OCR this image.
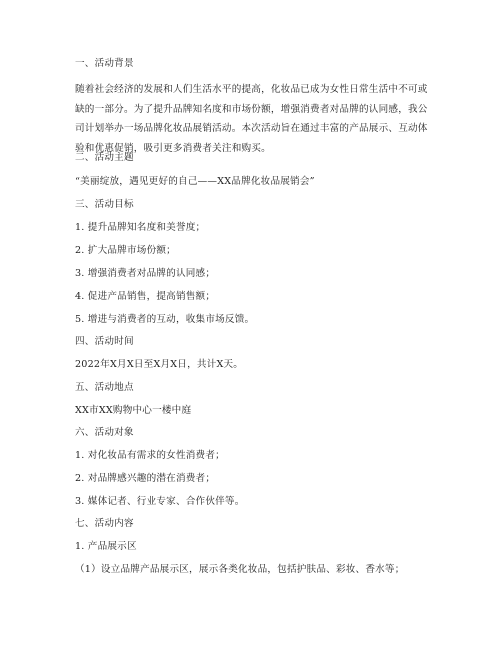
一、活动背景
随着社会经济的发展和人们生活水平的提高，化妆品已成为女性日常生活中不可或缺的一部分。为了提升品牌知名度和市场份额，增强消费者对品牌的认同感，我公司计划举办一场品牌化妆品展销活动。本次活动旨在通过丰富的产品展示、互动体验和优惠促销，吸引更多消费者关注和购买。
二、活动主题
“美丽绽放，遇见更好的自己——XX品牌化妆品展销会”
三、活动目标
1. 提升品牌知名度和美誉度；
2. 扩大品牌市场份额；
3. 增强消费者对品牌的认同感；
4. 促进产品销售，提高销售额；
5. 增进与消费者的互动，收集市场反馈。
四、活动时间
2022年X月X日至X月X日，共计X天。
五、活动地点
XX市XX购物中心一楼中庭
六、活动对象
1. 对化妆品有需求的女性消费者；
2. 对品牌感兴趣的潜在消费者；
3. 媒体记者、行业专家、合作伙伴等。
七、活动内容
1. 产品展示区
（1）设立品牌产品展示区，展示各类化妆品，包括护肤品、彩妆、香水等；
